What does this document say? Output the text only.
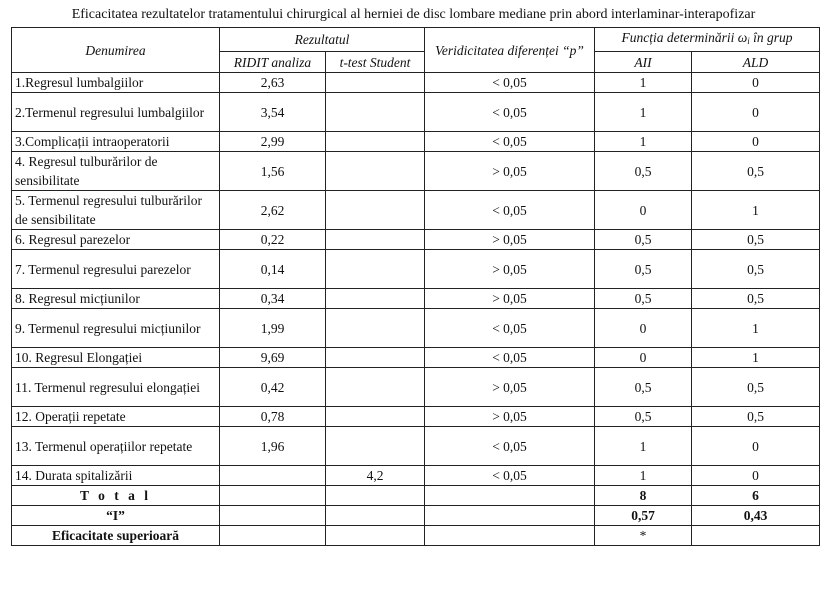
Eficacitatea rezultatelor tratamentului chirurgical al herniei de disc lombare mediane prin abord interlaminar-interapofizar
Denumirea	Rezultatul		Veridicitatea diferenței “p”	Funcția determinării $\omega_i$ în grup	
	RIDIT analiza	t-test Student		AII	ALD
1.Regresul lumbalgiilor	2,63		< 0,05	1	0
2.Termenul regresului lumbalgiilor	3,54		< 0,05	1	0
3.Complicații intraoperatorii	2,99		< 0,05	1	0
4. Regresul tulburărilor de sensibilitate	1,56		> 0,05	0,5	0,5
5. Termenul regresului tulburărilor de sensibilitate	2,62		< 0,05	0	1
6. Regresul parezelor	0,22		> 0,05	0,5	0,5
7. Termenul regresului parezelor	0,14		> 0,05	0,5	0,5
8. Regresul micțiunilor	0,34		> 0,05	0,5	0,5
9. Termenul regresului micțiunilor	1,99		< 0,05	0	1
10. Regresul Elongației	9,69		< 0,05	0	1
11. Termenul regresului elongației	0,42		> 0,05	0,5	0,5
12. Operații repetate	0,78		> 0,05	0,5	0,5
13. Termenul operațiilor repetate	1,96		< 0,05	1	0
14. Durata spitalizării		4,2	< 0,05	1	0
T o t a l				8	6
“I”				0,57	0,43
Eficacitate superioară				*	
